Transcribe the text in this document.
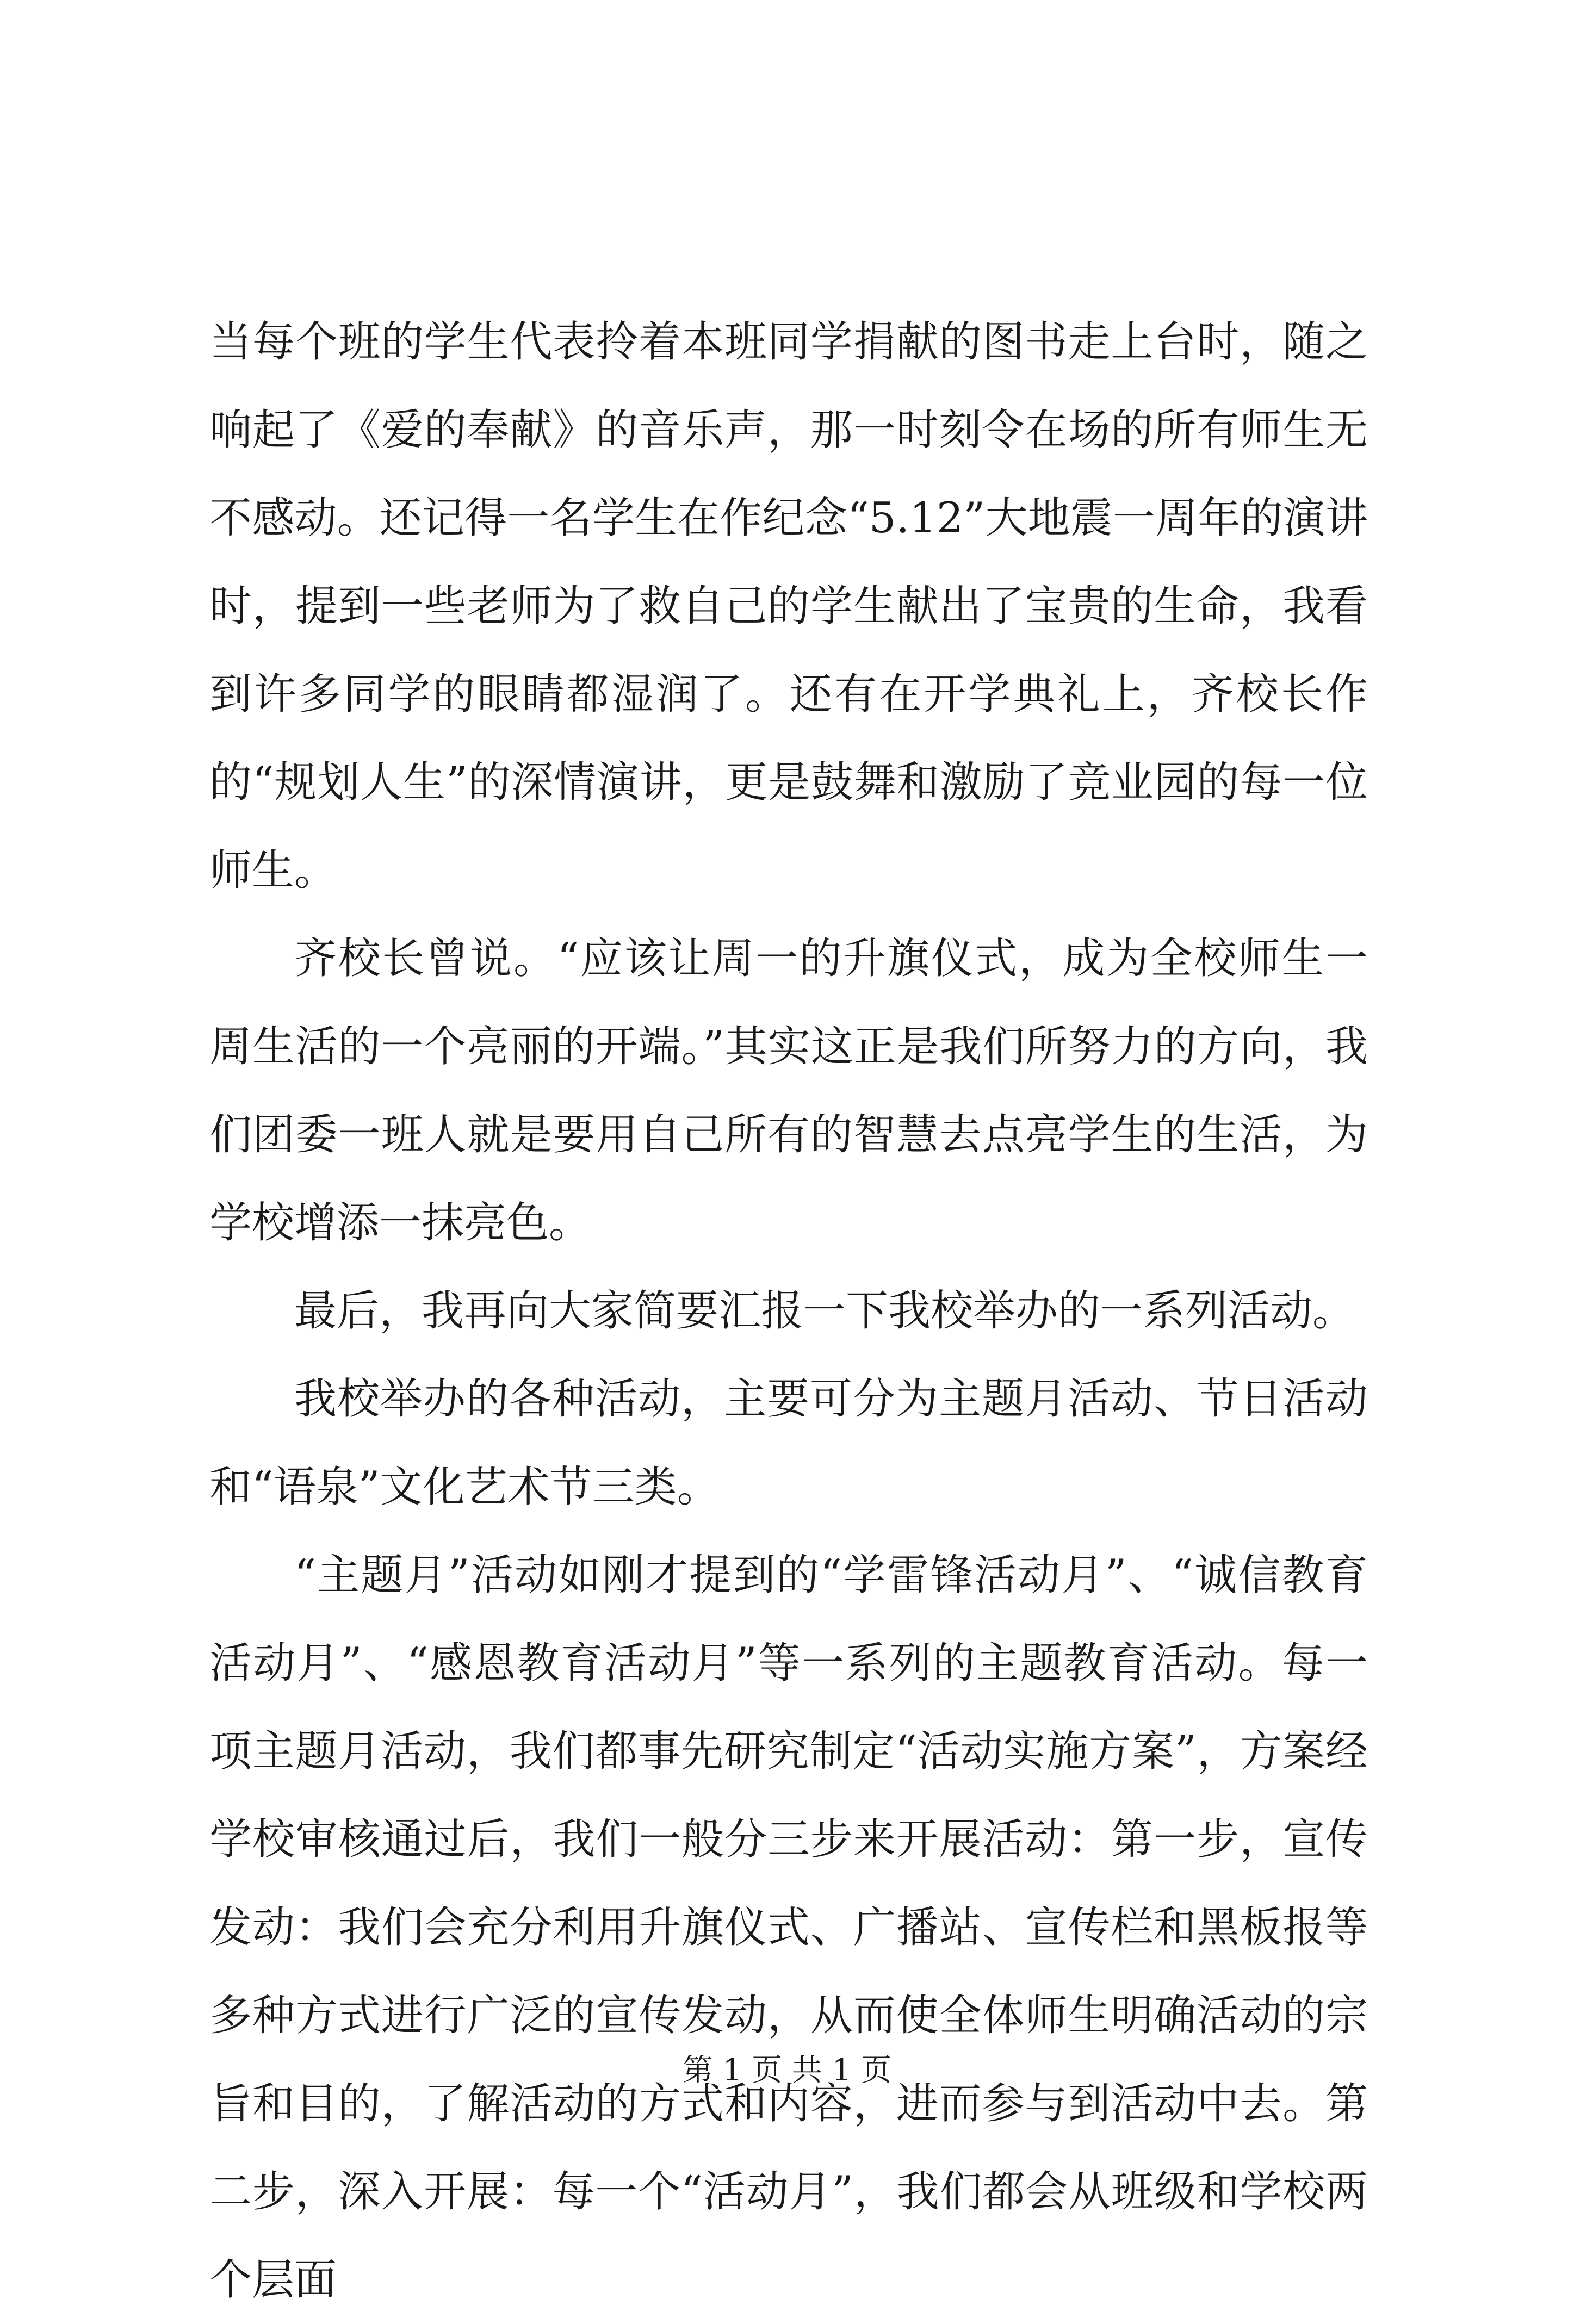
当每个班的学生代表拎着本班同学捐献的图书走上台时，随之响起了《爱的奉献》的音乐声，那一时刻令在场的所有师生无不感动。还记得一名学生在作纪念“5.12”大地震一周年的演讲时，提到一些老师为了救自己的学生献出了宝贵的生命，我看到许多同学的眼睛都湿润了。还有在开学典礼上，齐校长作的“规划人生”的深情演讲，更是鼓舞和激励了竞业园的每一位师生。

齐校长曾说。“应该让周一的升旗仪式，成为全校师生一周生活的一个亮丽的开端。”其实这正是我们所努力的方向，我们团委一班人就是要用自己所有的智慧去点亮学生的生活，为学校增添一抹亮色。

最后，我再向大家简要汇报一下我校举办的一系列活动。

我校举办的各种活动，主要可分为主题月活动、节日活动和“语泉”文化艺术节三类。

“主题月”活动如刚才提到的“学雷锋活动月”、“诚信教育活动月”、“感恩教育活动月”等一系列的主题教育活动。每一项主题月活动，我们都事先研究制定“活动实施方案”，方案经学校审核通过后，我们一般分三步来开展活动：第一步，宣传发动：我们会充分利用升旗仪式、广播站、宣传栏和黑板报等多种方式进行广泛的宣传发动，从而使全体师生明确活动的宗旨和目的，了解活动的方式和内容，进而参与到活动中去。第二步，深入开展：每一个“活动月”，我们都会从班级和学校两个层面

第 1 页 共 1 页
